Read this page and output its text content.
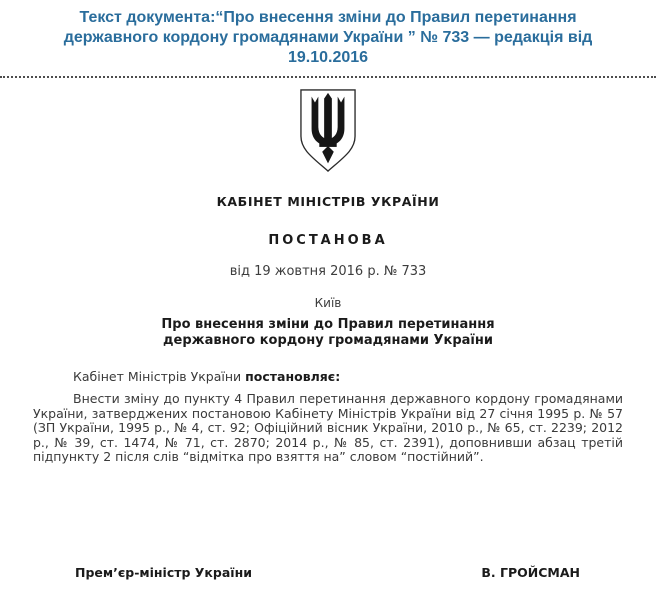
Текст документа:“Про внесення зміни до Правил перетинання
державного кордону громадянами України ” № 733 — редакція від
19.10.2016
КАБІНЕТ МІНІСТРІВ УКРАЇНИ
ПОСТАНОВА
від 19 жовтня 2016 р. № 733
Київ
Про внесення зміни до Правил перетинання
державного кордону громадянами України

Кабінет Міністрів України постановляє:

Внести зміну до пункту 4 Правил перетинання державного кордону громадянами України, затверджених постановою Кабінету Міністрів України від 27 січня 1995 р. № 57 (ЗП України, 1995 р., № 4, ст. 92; Офіційний вісник України, 2010 р., № 65, ст. 2239; 2012 р., № 39, ст. 1474, № 71, ст. 2870; 2014 р., № 85, ст. 2391), доповнивши абзац третій підпункту 2 після слів “відмітка про взяття на” словом “постійний”.

Прем’єр-міністр України	В. ГРОЙСМАН
